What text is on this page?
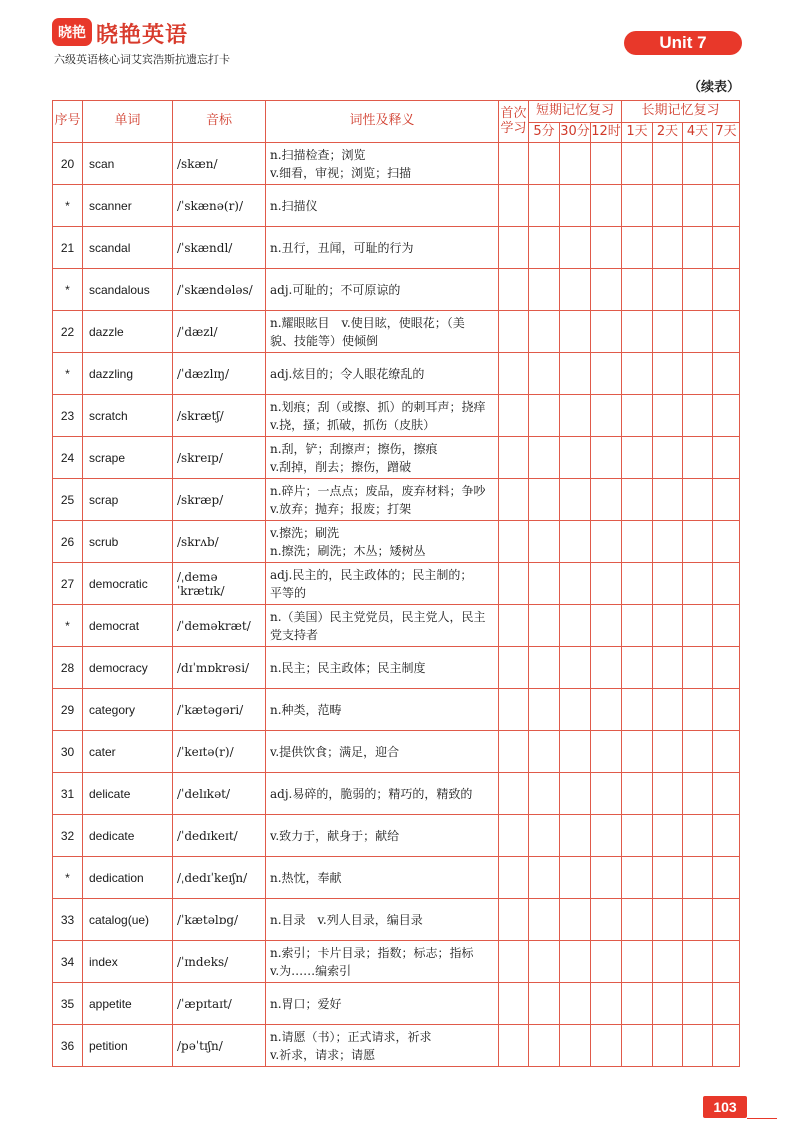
晓艳 晓艳英语
六级英语核心词艾宾浩斯抗遗忘打卡
Unit 7
（续表）
序号	单词	音标	词性及释义	首次学习	短期记忆复习			长期记忆复习			
					5分	30分	12时	1天	2天	4天	7天
20	scan	/skæn/	n.扫描检查；浏览
v.细看，审视；浏览；扫描								

*	scanner	/ˈskænə(r)/	n.扫描仪								

21	scandal	/ˈskændl/	n.丑行，丑闻，可耻的行为								

*	scandalous	/ˈskændələs/	adj.可耻的；不可原谅的								

22	dazzle	/ˈdæzl/	n.耀眼眩目　v.使目眩，使眼花；（美
貌、技能等）使倾倒								

*	dazzling	/ˈdæzlɪŋ/	adj.炫目的；令人眼花缭乱的								

23	scratch	/skrætʃ/	n.划痕；刮（或擦、抓）的刺耳声；挠痒
v.挠，搔；抓破，抓伤（皮肤）								

24	scrape	/skreɪp/	n.刮，铲；刮擦声；擦伤，擦痕
v.刮掉，削去；擦伤，蹭破								

25	scrap	/skræp/	n.碎片；一点点；废品，废弃材料；争吵
v.放弃；抛弃；报废；打架								

26	scrub	/skrʌb/	v.擦洗；刷洗
n.擦洗；刷洗；木丛；矮树丛								

27	democratic	/ˌdeməˈkrætɪk/	adj.民主的，民主政体的；民主制的；
平等的								

*	democrat	/ˈdeməkræt/	n.（美国）民主党党员，民主党人，民主
党支持者								

28	democracy	/dɪˈmɒkrəsi/	n.民主；民主政体；民主制度								

29	category	/ˈkætəgəri/	n.种类，范畴								

30	cater	/ˈkeɪtə(r)/	v.提供饮食；满足，迎合								

31	delicate	/ˈdelɪkət/	adj.易碎的，脆弱的；精巧的，精致的								

32	dedicate	/ˈdedɪkeɪt/	v.致力于，献身于；献给								

*	dedication	/ˌdedɪˈkeɪʃn/	n.热忱，奉献								

33	catalog(ue)	/ˈkætəlɒg/	n.目录　v.列人目录，编目录								

34	index	/ˈɪndeks/	n.索引；卡片目录；指数；标志；指标
v.为……编索引								

35	appetite	/ˈæpɪtaɪt/	n.胃口；爱好								

36	petition	/pəˈtɪʃn/	n.请愿（书）；正式请求，祈求
v.祈求，请求；请愿								

103
